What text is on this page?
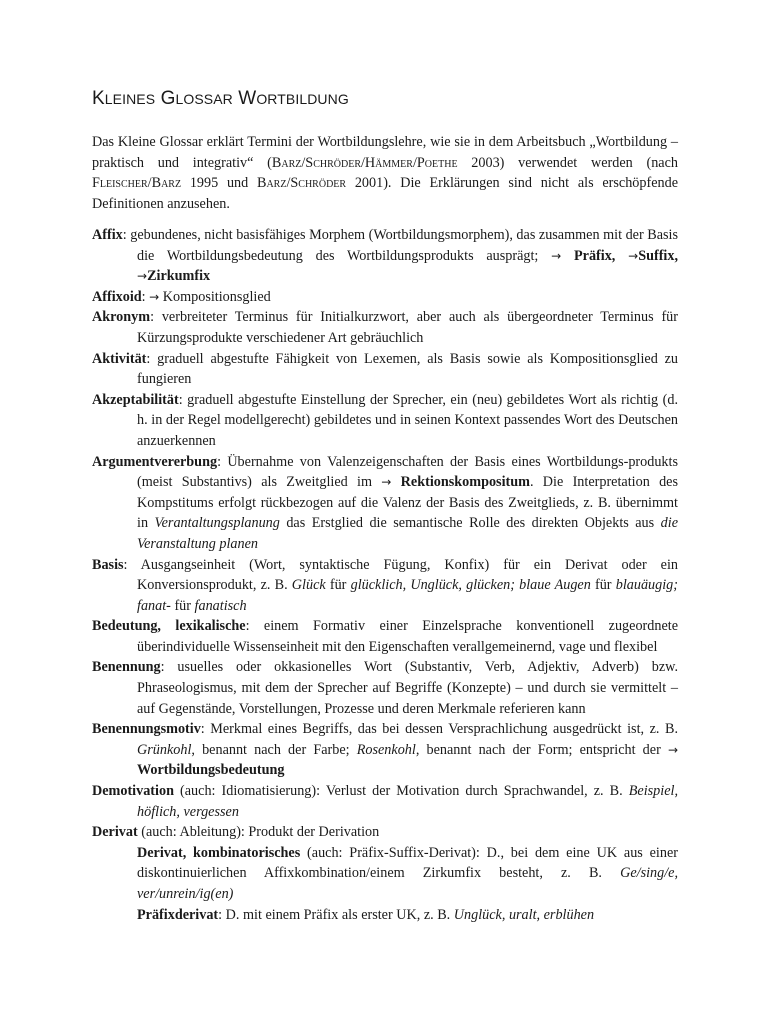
KLEINES GLOSSAR WORTBILDUNG

Das Kleine Glossar erklärt Termini der Wortbildungslehre, wie sie in dem Arbeitsbuch „Wortbildung – praktisch und integrativ“ (Barz/Schröder/Hämmer/Poethe 2003) verwendet werden (nach Fleischer/Barz 1995 und Barz/Schröder 2001). Die Erklärungen sind nicht als erschöpfende Definitionen anzusehen.

Affix: gebundenes, nicht basisfähiges Morphem (Wortbildungsmorphem), das zusammen mit der Basis die Wortbildungsbedeutung des Wortbildungsprodukts ausprägt; → Präfix, →Suffix, →Zirkumfix

Affixoid: → Kompositionsglied

Akronym: verbreiteter Terminus für Initialkurzwort, aber auch als übergeordneter Terminus für Kürzungsprodukte verschiedener Art gebräuchlich

Aktivität: graduell abgestufte Fähigkeit von Lexemen, als Basis sowie als Kompositionsglied zu fungieren

Akzeptabilität: graduell abgestufte Einstellung der Sprecher, ein (neu) gebildetes Wort als richtig (d. h. in der Regel modellgerecht) gebildetes und in seinen Kontext passendes Wort des Deutschen anzuerkennen

Argumentvererbung: Übernahme von Valenzeigenschaften der Basis eines Wortbildungs-produkts (meist Substantivs) als Zweitglied im → Rektionskompositum. Die Interpretation des Kompstitums erfolgt rückbezogen auf die Valenz der Basis des Zweitglieds, z. B. übernimmt in Verantaltungsplanung das Erstglied die semantische Rolle des direkten Objekts aus die Veranstaltung planen

Basis: Ausgangseinheit (Wort, syntaktische Fügung, Konfix) für ein Derivat oder ein Konversionsprodukt, z. B. Glück für glücklich, Unglück, glücken; blaue Augen für blauäugig; fanat- für fanatisch

Bedeutung, lexikalische: einem Formativ einer Einzelsprache konventionell zugeordnete überindividuelle Wissenseinheit mit den Eigenschaften verallgemeinernd, vage und flexibel

Benennung: usuelles oder okkasionelles Wort (Substantiv, Verb, Adjektiv, Adverb) bzw. Phraseologismus, mit dem der Sprecher auf Begriffe (Konzepte) – und durch sie vermittelt – auf Gegenstände, Vorstellungen, Prozesse und deren Merkmale referieren kann

Benennungsmotiv: Merkmal eines Begriffs, das bei dessen Versprachlichung ausgedrückt ist, z. B. Grünkohl, benannt nach der Farbe; Rosenkohl, benannt nach der Form; entspricht der → Wortbildungsbedeutung

Demotivation (auch: Idiomatisierung): Verlust der Motivation durch Sprachwandel, z. B. Beispiel, höflich, vergessen

Derivat (auch: Ableitung): Produkt der Derivation

Derivat, kombinatorisches (auch: Präfix-Suffix-Derivat): D., bei dem eine UK aus einer diskontinuierlichen Affixkombination/einem Zirkumfix besteht, z. B. Ge/sing/e, ver/unrein/ig(en)

Präfixderivat: D. mit einem Präfix als erster UK, z. B. Unglück, uralt, erblühen
